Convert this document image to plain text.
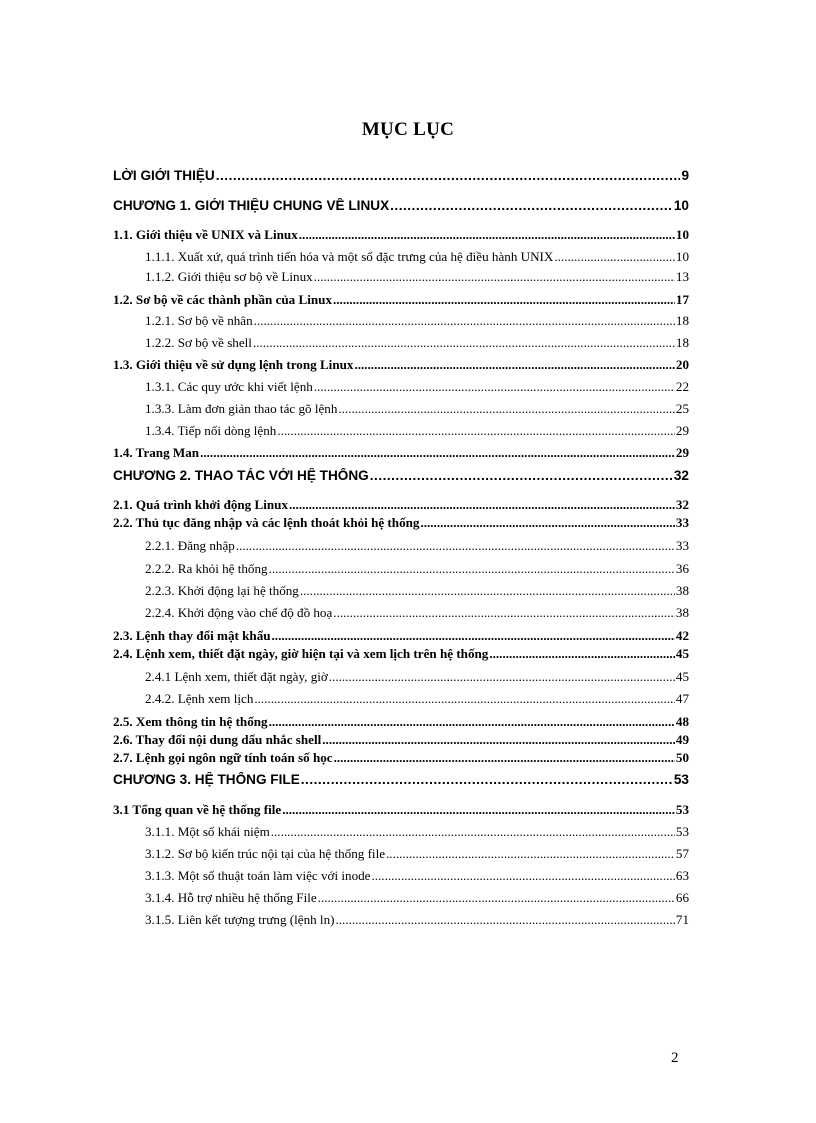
MỤC LỤC
LỜI GIỚI THIỆU .....	9
CHƯƠNG 1. GIỚI THIỆU CHUNG VỀ LINUX .....	10
1.1. Giới thiệu về UNIX và Linux .....	10
1.1.1. Xuất xứ, quá trình tiến hóa và một số đặc trưng của hệ điều hành UNIX .....	10
1.1.2. Giới thiệu sơ bộ về Linux .....	13
1.2. Sơ bộ về các thành phần của Linux .....	17
1.2.1. Sơ bộ về nhân .....	18
1.2.2. Sơ bộ về shell .....	18
1.3. Giới thiệu về sử dụng lệnh trong Linux .....	20
1.3.1. Các quy ước khi viết lệnh .....	22
1.3.3. Làm đơn giản thao tác gõ lệnh .....	25
1.3.4. Tiếp nối dòng lệnh .....	29
1.4. Trang Man .....	29
CHƯƠNG 2. THAO TÁC VỚI HỆ THỐNG .....	32
2.1. Quá trình khởi động Linux .....	32
2.2. Thủ tục đăng nhập và các lệnh thoát khỏi hệ thống .....	33
2.2.1. Đăng nhập .....	33
2.2.2. Ra khỏi hệ thống .....	36
2.2.3. Khởi động lại hệ thống .....	38
2.2.4. Khởi động vào chế độ đồ hoạ .....	38
2.3. Lệnh thay đổi mật khẩu .....	42
2.4. Lệnh xem, thiết đặt ngày, giờ hiện tại và xem lịch trên hệ thống .....	45
2.4.1 Lệnh xem, thiết đặt ngày, giờ .....	45
2.4.2. Lệnh xem lịch .....	47
2.5. Xem thông tin hệ thống .....	48
2.6. Thay đổi nội dung dấu nhắc shell .....	49
2.7. Lệnh gọi ngôn ngữ tính toán số học .....	50
CHƯƠNG 3. HỆ THỐNG FILE .....	53
3.1 Tổng quan về hệ thống file .....	53
3.1.1. Một số khái niệm .....	53
3.1.2. Sơ bộ kiến trúc nội tại của hệ thống file .....	57
3.1.3. Một số thuật toán làm việc với inode .....	63
3.1.4. Hỗ trợ nhiều hệ thống File .....	66
3.1.5. Liên kết tượng trưng (lệnh ln) .....	71
2
